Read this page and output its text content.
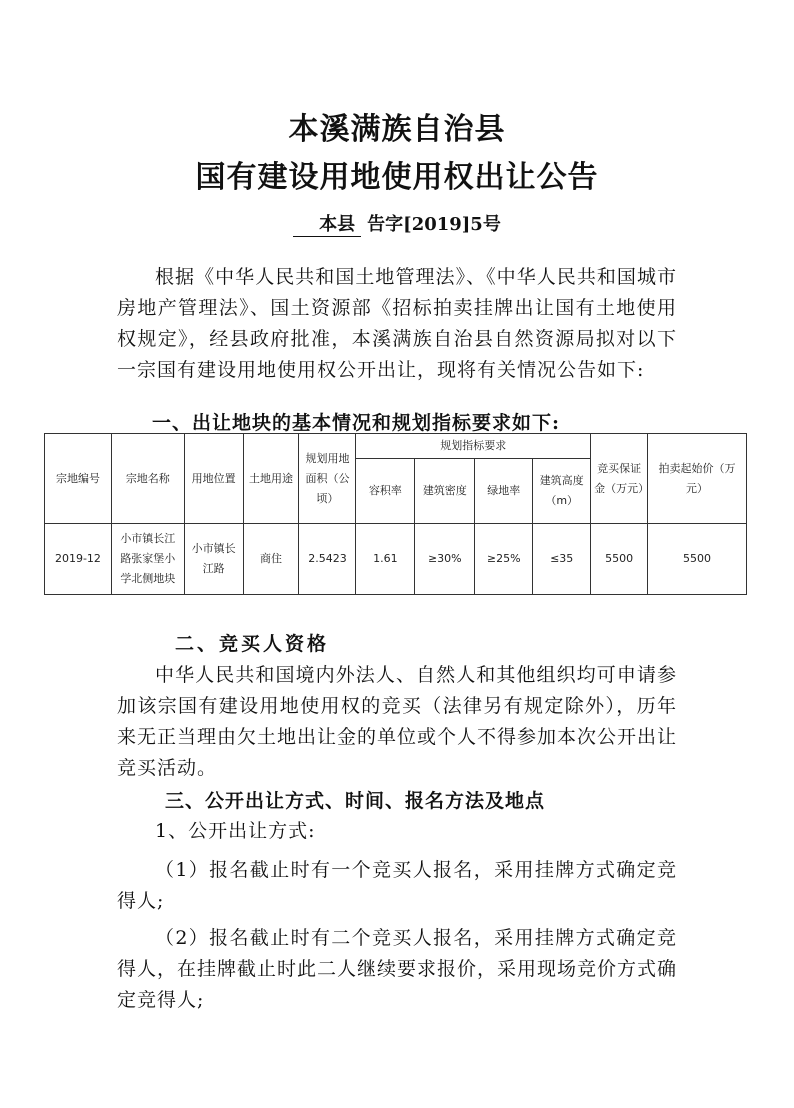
本溪满族自治县
国有建设用地使用权出让公告
本县 告字[2019]5号

根据《中华人民共和国土地管理法》、《中华人民共和国城市房地产管理法》、国土资源部《招标拍卖挂牌出让国有土地使用权规定》，经县政府批准，本溪满族自治县自然资源局拟对以下一宗国有建设用地使用权公开出让，现将有关情况公告如下:

一、出让地块的基本情况和规划指标要求如下:
宗地编号	宗地名称	用地位置	土地用途	规划用地面积（公顷）	规划指标要求				竞买保证金（万元）	拍卖起始价（万元）
					容积率	建筑密度	绿地率	建筑高度（m）		
2019-12	小市镇长江路张家堡小学北侧地块	小市镇长江路	商住	2.5423	1.61	≥30%	≥25%	≤35	5500	5500
二、竞买人资格

中华人民共和国境内外法人、自然人和其他组织均可申请参加该宗国有建设用地使用权的竞买（法律另有规定除外），历年来无正当理由欠土地出让金的单位或个人不得参加本次公开出让竞买活动。

三、公开出让方式、时间、报名方法及地点

1、公开出让方式:

（1）报名截止时有一个竞买人报名，采用挂牌方式确定竞得人;

（2）报名截止时有二个竞买人报名，采用挂牌方式确定竞得人，在挂牌截止时此二人继续要求报价，采用现场竞价方式确定竞得人;
